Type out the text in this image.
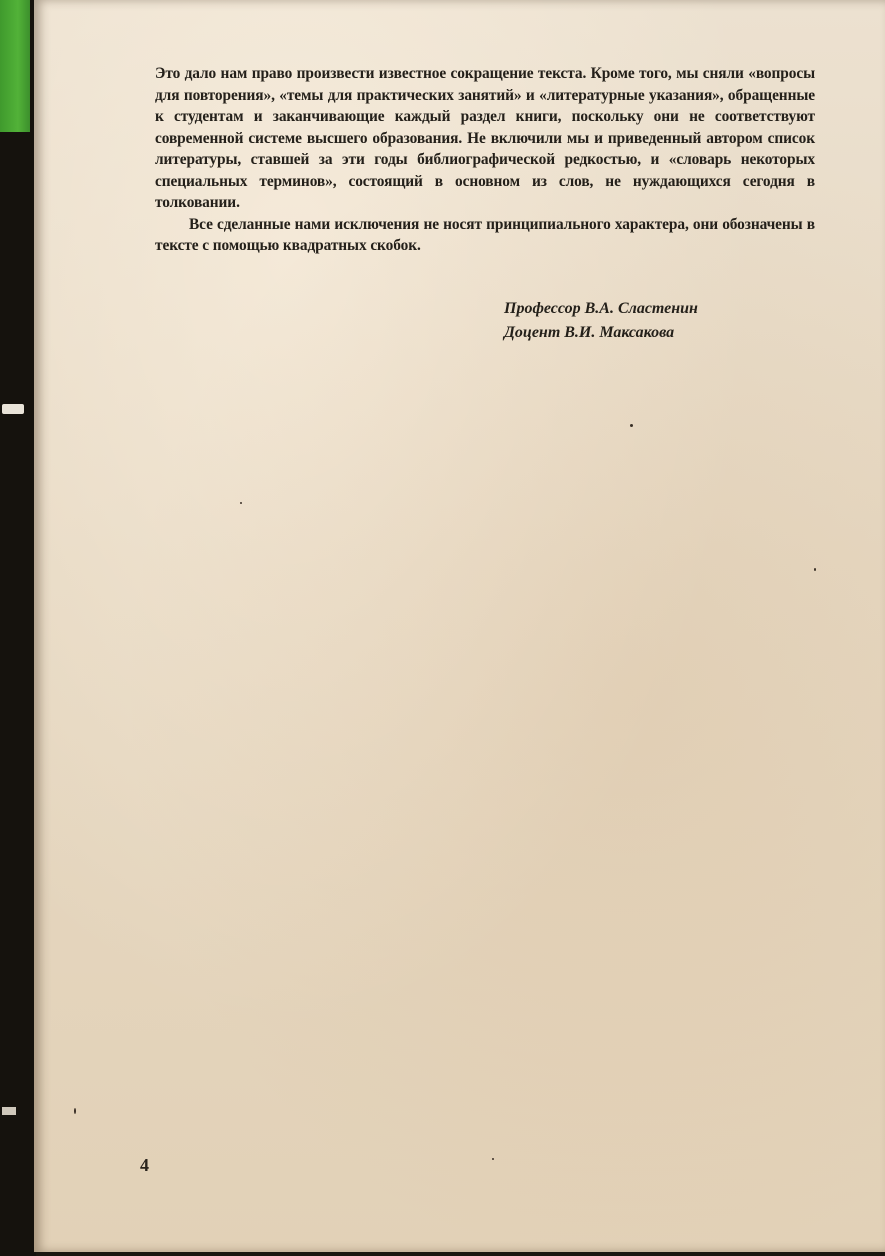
Это дало нам право произвести известное сокращение текста. Кроме того, мы сняли «вопросы для повторения», «темы для практических занятий» и «литературные указания», обращенные к студентам и заканчивающие каждый раздел книги, поскольку они не соответствуют современной системе высшего образования. Не включили мы и приведенный автором список литературы, ставшей за эти годы библиографической редкостью, и «словарь некоторых специальных терминов», состоящий в основном из слов, не нуждающихся сегодня в толковании.

Все сделанные нами исключения не носят принципиального характера, они обозначены в тексте с помощью квадратных скобок.

Профессор В.А. Сластенин
Доцент В.И. Максакова
4
